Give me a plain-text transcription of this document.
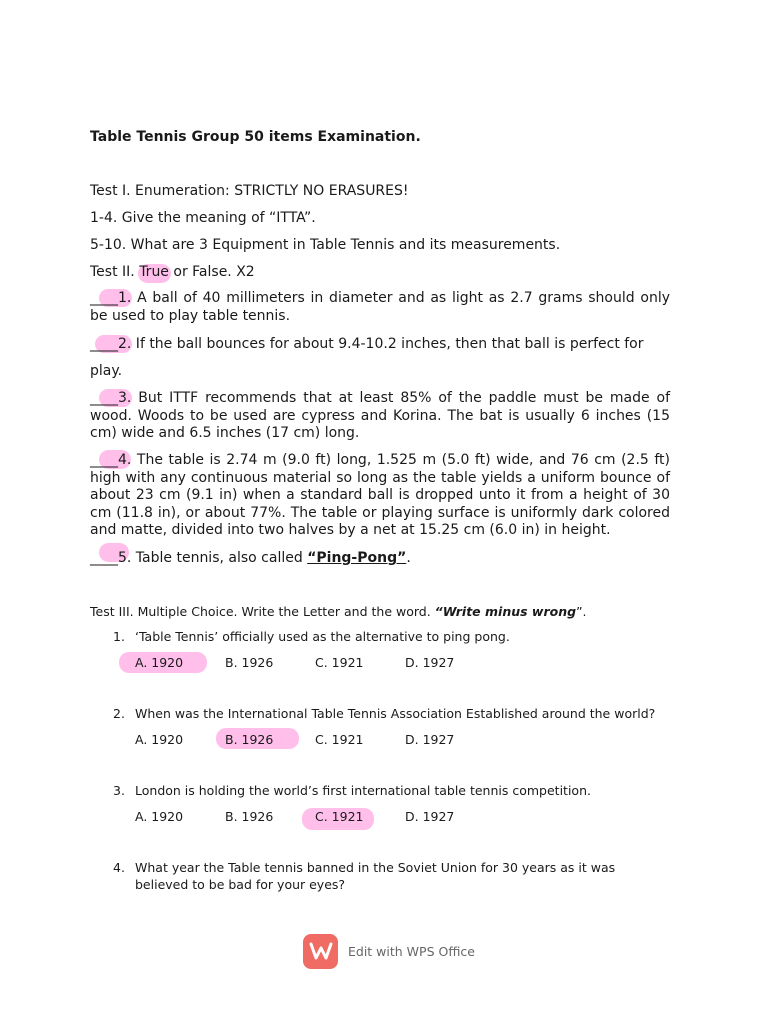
Table Tennis Group 50 items Examination.
Test I. Enumeration: STRICTLY NO ERASURES!
1-4. Give the meaning of “ITTA”.
5-10. What are 3 Equipment in Table Tennis and its measurements.
Test II. True or False. X2
____1. A ball of 40 millimeters in diameter and as light as 2.7 grams should only be used to play table tennis.
____2. If the ball bounces for about 9.4-10.2 inches, then that ball is perfect for
play.
____3. But ITTF recommends that at least 85% of the paddle must be made of wood. Woods to be used are cypress and Korina. The bat is usually 6 inches (15 cm) wide and 6.5 inches (17 cm) long.
____4. The table is 2.74 m (9.0 ft) long, 1.525 m (5.0 ft) wide, and 76 cm (2.5 ft) high with any continuous material so long as the table yields a uniform bounce of about 23 cm (9.1 in) when a standard ball is dropped unto it from a height of 30 cm (11.8 in), or about 77%. The table or playing surface is uniformly dark colored and matte, divided into two halves by a net at 15.25 cm (6.0 in) in height.
____5. Table tennis, also called “Ping-Pong”.
Test III. Multiple Choice. Write the Letter and the word. “Write minus wrong”.
1. ‘Table Tennis’ officially used as the alternative to ping pong.
A. 1920	B. 1926	C. 1921	D. 1927
2. When was the International Table Tennis Association Established around the world?
A. 1920	B. 1926	C. 1921	D. 1927
3. London is holding the world’s first international table tennis competition.
A. 1920	B. 1926	C. 1921	D. 1927
4. What year the Table tennis banned in the Soviet Union for 30 years as it was
believed to be bad for your eyes?
Edit with WPS Office
